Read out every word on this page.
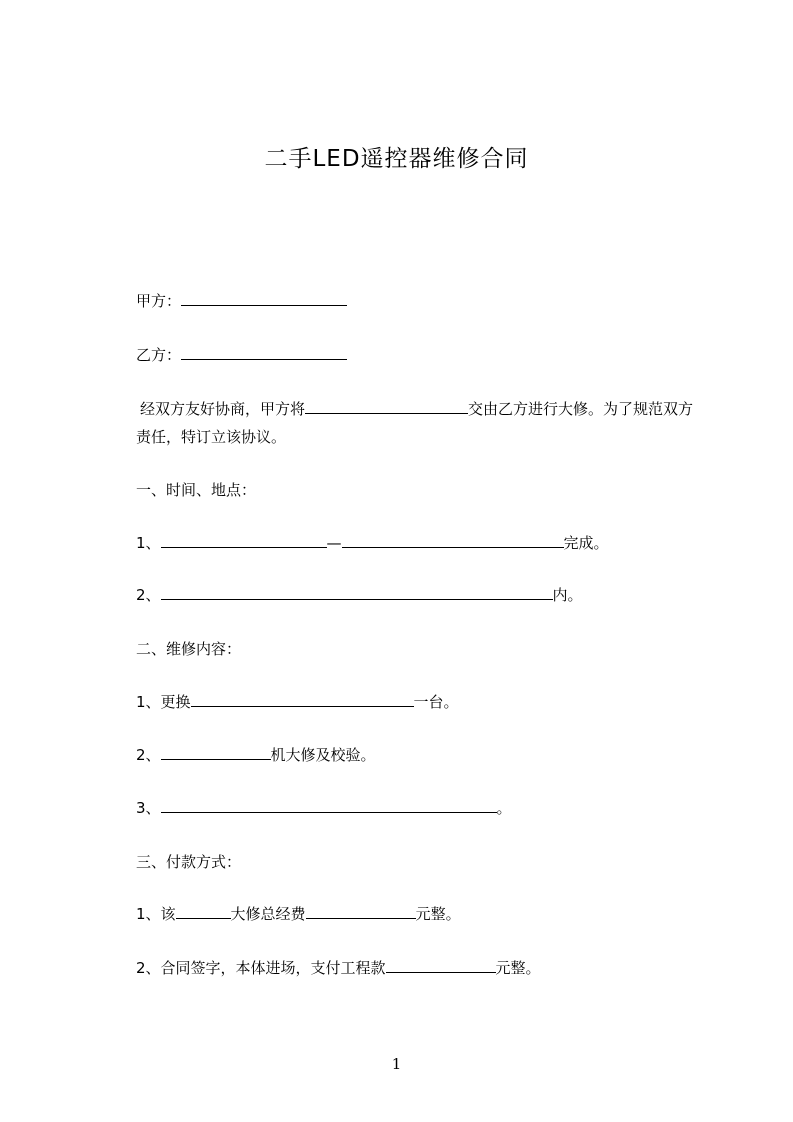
二手LED遥控器维修合同
甲方：
乙方：
经双方友好协商，甲方将	交由乙方进行大修。为了规范双方责任，特订立该协议。
一、时间、地点：
1、	—	完成。
2、	内。
二、维修内容：
1、更换	一台。
2、	机大修及校验。
3、	。
三、付款方式：
1、该	大修总经费	元整。
2、合同签字，本体进场，支付工程款	元整。
1
